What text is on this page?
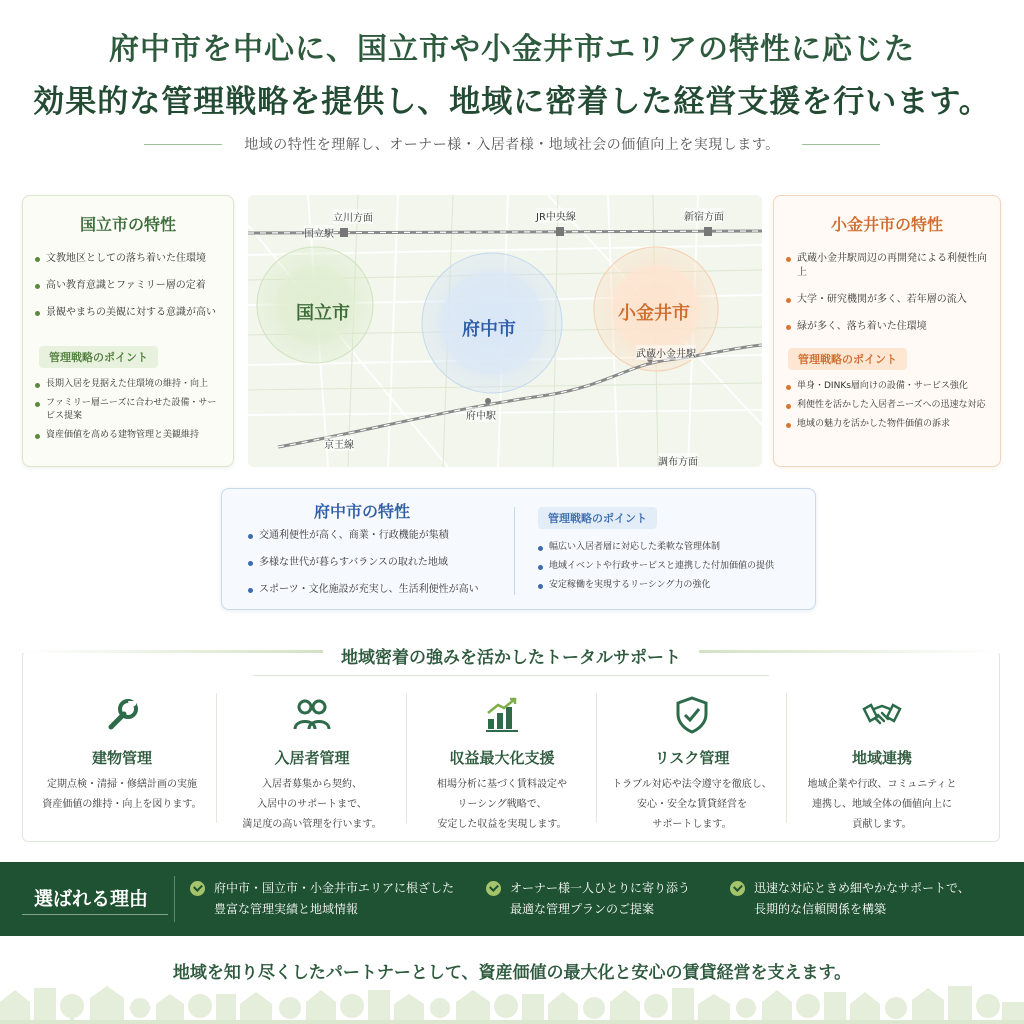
府中市を中心に、国立市や小金井市エリアの特性に応じた
効果的な管理戦略を提供し、地域に密着した経営支援を行います。
地域の特性を理解し、オーナー様・入居者様・地域社会の価値向上を実現します。
国立市の特性
文教地区としての落ち着いた住環境
高い教育意識とファミリー層の定着
景観やまちの美観に対する意識が高い
管理戦略のポイント
長期入居を見据えた住環境の維持・向上
ファミリー層ニーズに合わせた設備・サービス提案
資産価値を高める建物管理と美観維持
立川方面	JR中央線	新宿方面
国立駅
武蔵小金井駅
府中駅
京王線
調布方面
国立市
府中市
小金井市
小金井市の特性
武蔵小金井駅周辺の再開発による利便性向上
大学・研究機関が多く、若年層の流入
緑が多く、落ち着いた住環境
管理戦略のポイント
単身・DINKs層向けの設備・サービス強化
利便性を活かした入居者ニーズへの迅速な対応
地域の魅力を活かした物件価値の訴求
府中市の特性
交通利便性が高く、商業・行政機能が集積
多様な世代が暮らすバランスの取れた地域
スポーツ・文化施設が充実し、生活利便性が高い
管理戦略のポイント
幅広い入居者層に対応した柔軟な管理体制
地域イベントや行政サービスと連携した付加価値の提供
安定稼働を実現するリーシング力の強化
地域密着の強みを活かしたトータルサポート
建物管理

定期点検・清掃・修繕計画の実施
資産価値の維持・向上を図ります。

入居者管理

入居者募集から契約、
入居中のサポートまで、
満足度の高い管理を行います。

収益最大化支援

相場分析に基づく賃料設定や
リーシング戦略で、
安定した収益を実現します。

リスク管理

トラブル対応や法令遵守を徹底し、
安心・安全な賃貸経営を
サポートします。

地域連携

地域企業や行政、コミュニティと
連携し、地域全体の価値向上に
貢献します。

選ばれる理由	府中市・国立市・小金井市エリアに根ざした
豊富な管理実績と地域情報
オーナー様一人ひとりに寄り添う
最適な管理プランのご提案
迅速な対応ときめ細やかなサポートで、
長期的な信頼関係を構築
地域を知り尽くしたパートナーとして、資産価値の最大化と安心の賃貸経営を支えます。
